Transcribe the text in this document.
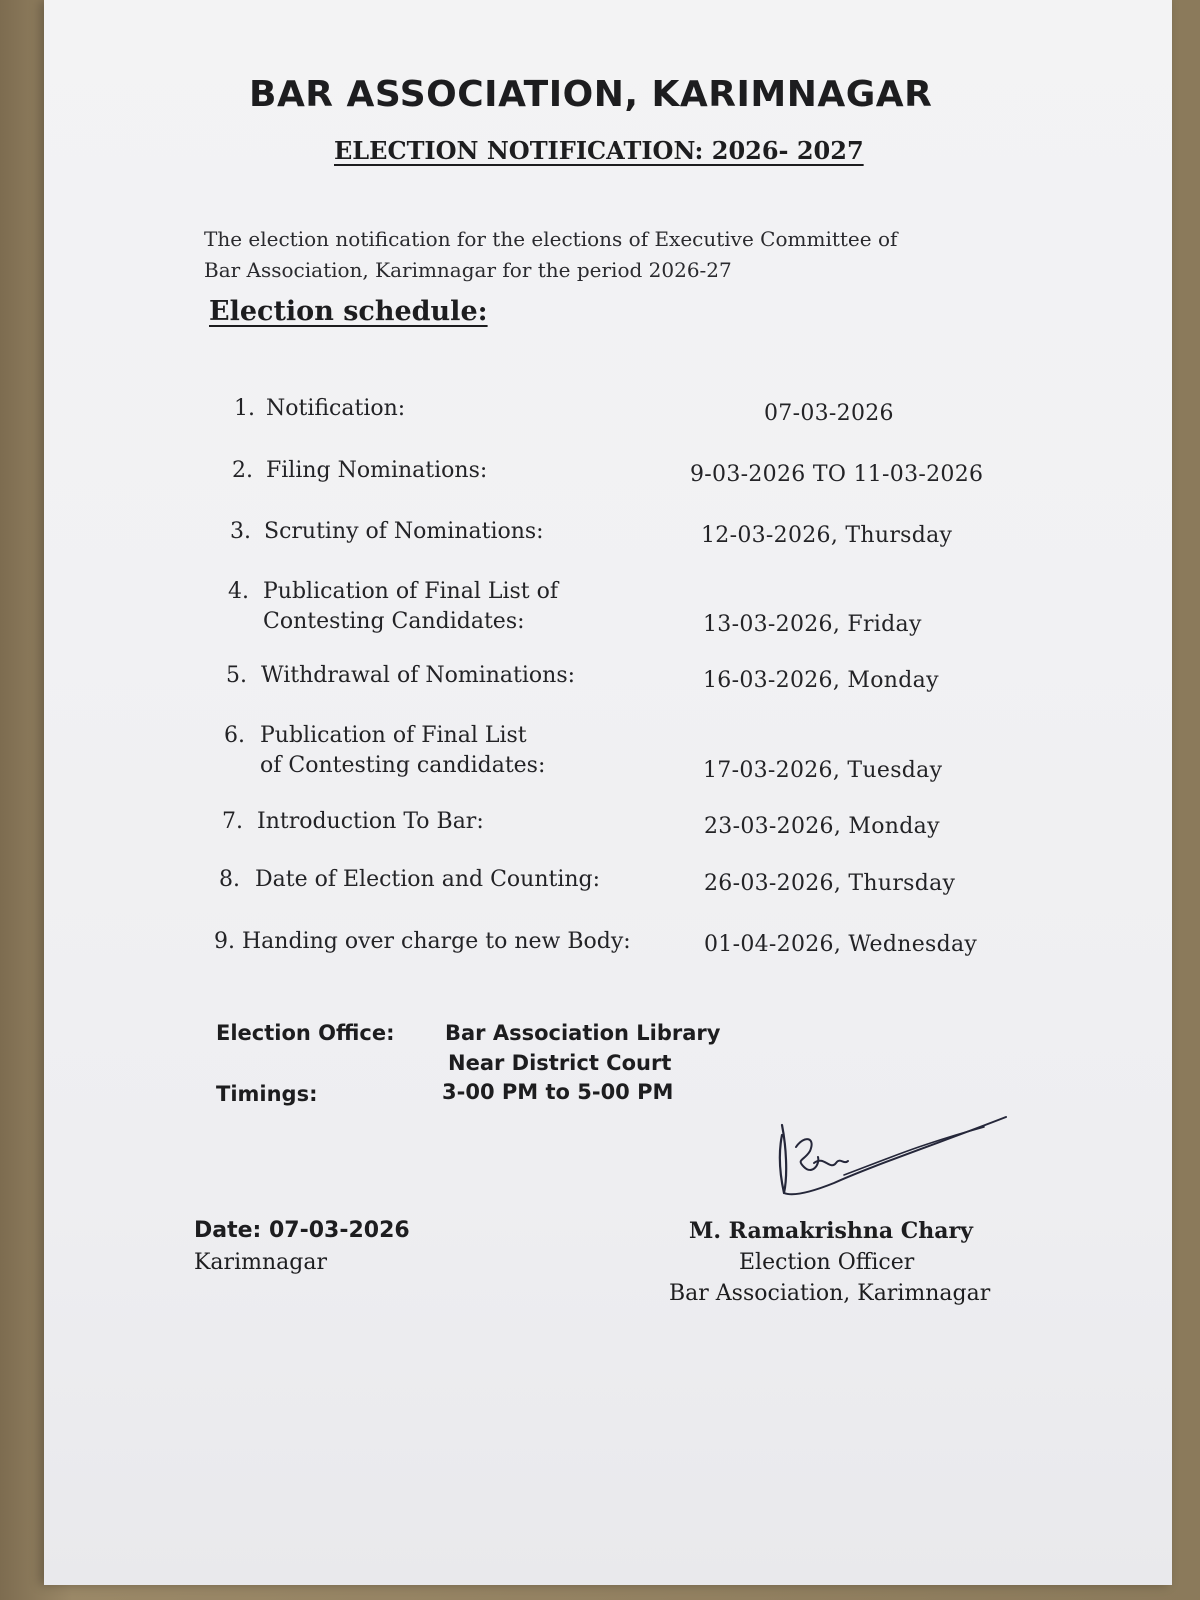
BAR ASSOCIATION, KARIMNAGAR
ELECTION NOTIFICATION: 2026- 2027

The election notification for the elections of Executive Committee of

Bar Association, Karimnagar for the period 2026-27

Election schedule:
1. Notification:	07-03-2026
2. Filing Nominations:	9-03-2026 TO 11-03-2026
3. Scrutiny of Nominations:	12-03-2026, Thursday
4. Publication of Final List of
Contesting Candidates:	13-03-2026, Friday
5. Withdrawal of Nominations:	16-03-2026, Monday
6. Publication of Final List
of Contesting candidates:	17-03-2026, Tuesday
7. Introduction To Bar:	23-03-2026, Monday
8. Date of Election and Counting:	26-03-2026, Thursday
9. Handing over charge to new Body:	01-04-2026, Wednesday
Election Office: Bar Association Library
Near District Court
Timings:	3-00 PM to 5-00 PM
Date: 07-03-2026
Karimnagar
M. Ramakrishna Chary
Election Officer
Bar Association, Karimnagar
